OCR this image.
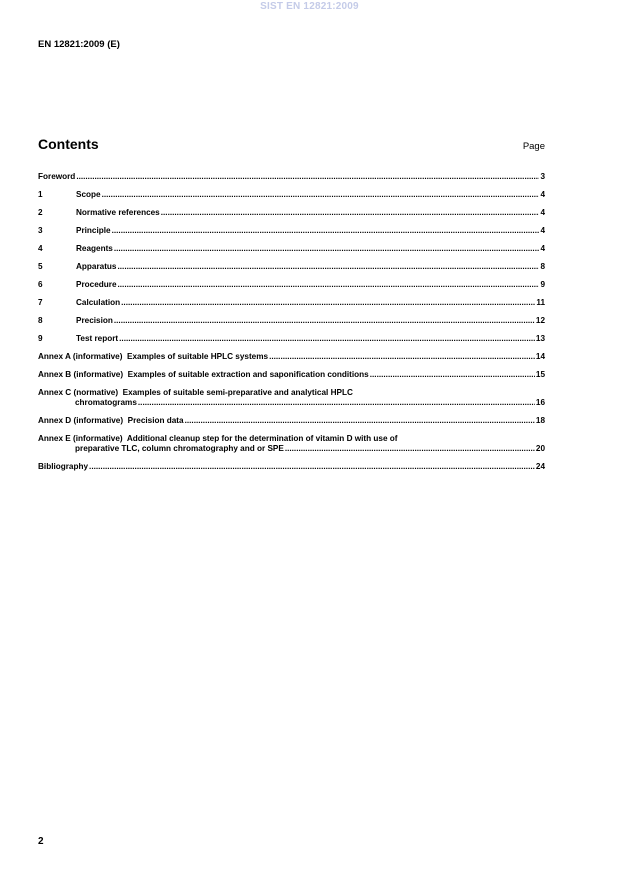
SIST EN 12821:2009
EN 12821:2009 (E)
Contents	Page
Foreword .....	3
1	Scope .....	4
2	Normative references .....	4
3	Principle .....	4
4	Reagents .....	4
5	Apparatus .....	8
6	Procedure .....	9
7	Calculation .....	11
8	Precision .....	12
9	Test report .....	13
Annex A (informative)  Examples of suitable HPLC systems .....	14
Annex B (informative)  Examples of suitable extraction and saponification conditions .....	15
Annex C (normative)  Examples of suitable semi-preparative and analytical HPLC
chromatograms .....	16
Annex D (informative)  Precision data .....	18
Annex E (informative)  Additional cleanup step for the determination of vitamin D with use of
preparative TLC, column chromatography and or SPE .....	20
Bibliography .....	24
2
